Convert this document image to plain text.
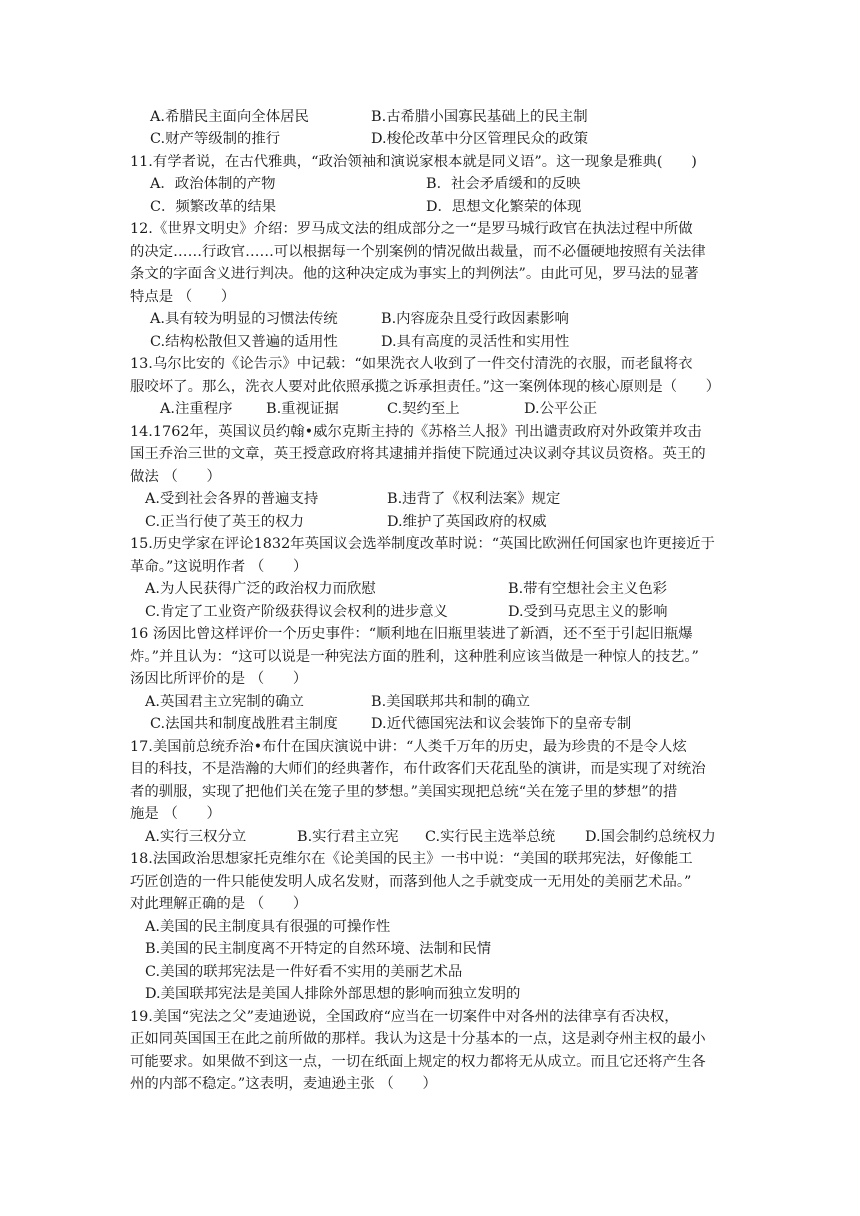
A.希腊民主面向全体居民	B.古希腊小国寡民基础上的民主制
C.财产等级制的推行	D.梭伦改革中分区管理民众的政策
11.有学者说，在古代雅典，“政治领袖和演说家根本就是同义语”。这一现象是雅典(　　)
A．政治体制的产物	B．社会矛盾缓和的反映
C．频繁改革的结果	D．思想文化繁荣的体现
12.《世界文明史》介绍：罗马成文法的组成部分之一“是罗马城行政官在执法过程中所做
的决定……行政官……可以根据每一个别案例的情况做出裁量，而不必僵硬地按照有关法律
条文的字面含义进行判决。他的这种决定成为事实上的判例法”。由此可见，罗马法的显著
特点是 （　　）
A.具有较为明显的习惯法传统	B.内容庞杂且受行政因素影响
C.结构松散但又普遍的适用性	D.具有高度的灵活性和实用性
13.乌尔比安的《论告示》中记载：“如果洗衣人收到了一件交付清洗的衣服，而老鼠将衣
服咬坏了。那么，洗衣人要对此依照承揽之诉承担责任。”这一案例体现的核心原则是（　　）
A.注重程序 B.重视证据	C.契约至上	D.公平公正
14.1762年，英国议员约翰•威尔克斯主持的《苏格兰人报》刊出谴责政府对外政策并攻击
国王乔治三世的文章，英王授意政府将其逮捕并指使下院通过决议剥夺其议员资格。英王的
做法 （　　）
A.受到社会各界的普遍支持	B.违背了《权利法案》规定
C.正当行使了英王的权力	D.维护了英国政府的权威
15.历史学家在评论1832年英国议会选举制度改革时说：“英国比欧洲任何国家也许更接近于
革命。”这说明作者 （　　）
A.为人民获得广泛的政治权力而欣慰	B.带有空想社会主义色彩
C.肯定了工业资产阶级获得议会权利的进步意义	D.受到马克思主义的影响
16 汤因比曾这样评价一个历史事件：“顺利地在旧瓶里装进了新酒，还不至于引起旧瓶爆
炸。”并且认为：“这可以说是一种宪法方面的胜利，这种胜利应该当做是一种惊人的技艺。”
汤因比所评价的是 （　　）
A.英国君主立宪制的确立	B.美国联邦共和制的确立
C.法国共和制度战胜君主制度 D.近代德国宪法和议会装饰下的皇帝专制
17.美国前总统乔治•布什在国庆演说中讲：“人类千万年的历史，最为珍贵的不是令人炫
目的科技，不是浩瀚的大师们的经典著作，布什政客们天花乱坠的演讲，而是实现了对统治
者的驯服，实现了把他们关在笼子里的梦想。”美国实现把总统“关在笼子里的梦想”的措
施是 （　　）
A.实行三权分立	B.实行君主立宪 C.实行民主选举总统 D.国会制约总统权力
18.法国政治思想家托克维尔在《论美国的民主》一书中说：“美国的联邦宪法，好像能工
巧匠创造的一件只能使发明人成名发财，而落到他人之手就变成一无用处的美丽艺术品。”
对此理解正确的是 （　　）
A.美国的民主制度具有很强的可操作性
B.美国的民主制度离不开特定的自然环境、法制和民情
C.美国的联邦宪法是一件好看不实用的美丽艺术品
D.美国联邦宪法是美国人排除外部思想的影响而独立发明的
19.美国“宪法之父”麦迪逊说，全国政府“应当在一切案件中对各州的法律享有否决权，
正如同英国国王在此之前所做的那样。我认为这是十分基本的一点，这是剥夺州主权的最小
可能要求。如果做不到这一点，一切在纸面上规定的权力都将无从成立。而且它还将产生各
州的内部不稳定。”这表明，麦迪逊主张 （　　）
